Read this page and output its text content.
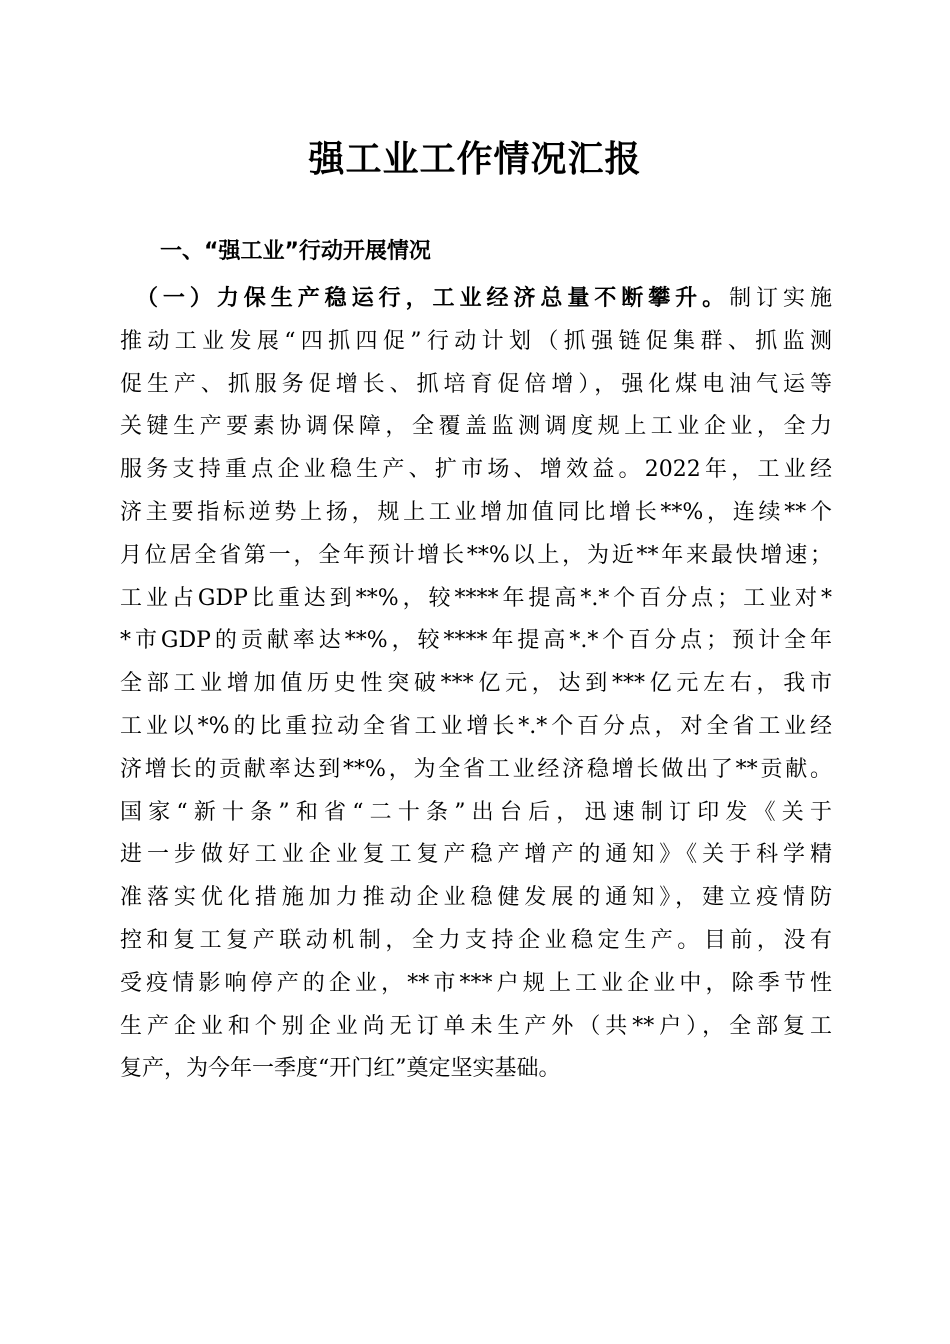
强工业工作情况汇报
一、“强工业”行动开展情况
　（一）力保生产稳运行，工业经济总量不断攀升。制订实施
推动工业发展“四抓四促”行动计划（抓强链促集群、抓监测
促生产、抓服务促增长、抓培育促倍增），强化煤电油气运等
关键生产要素协调保障，全覆盖监测调度规上工业企业，全力
服务支持重点企业稳生产、扩市场、增效益。2022年，工业经
济主要指标逆势上扬，规上工业增加值同比增长**%，连续**个
月位居全省第一，全年预计增长**%以上，为近**年来最快增速；
工业占GDP比重达到**%，较****年提高*.*个百分点；工业对*
*市GDP的贡献率达**%，较****年提高*.*个百分点；预计全年
全部工业增加值历史性突破***亿元，达到***亿元左右，我市
工业以*%的比重拉动全省工业增长*.*个百分点，对全省工业经
济增长的贡献率达到**%，为全省工业经济稳增长做出了**贡献。
国家“新十条”和省“二十条”出台后，迅速制订印发《关于
进一步做好工业企业复工复产稳产增产的通知》《关于科学精
准落实优化措施加力推动企业稳健发展的通知》，建立疫情防
控和复工复产联动机制，全力支持企业稳定生产。目前，没有
受疫情影响停产的企业，**市***户规上工业企业中，除季节性
生产企业和个别企业尚无订单未生产外（共**户），全部复工
复产，为今年一季度“开门红”奠定坚实基础。
